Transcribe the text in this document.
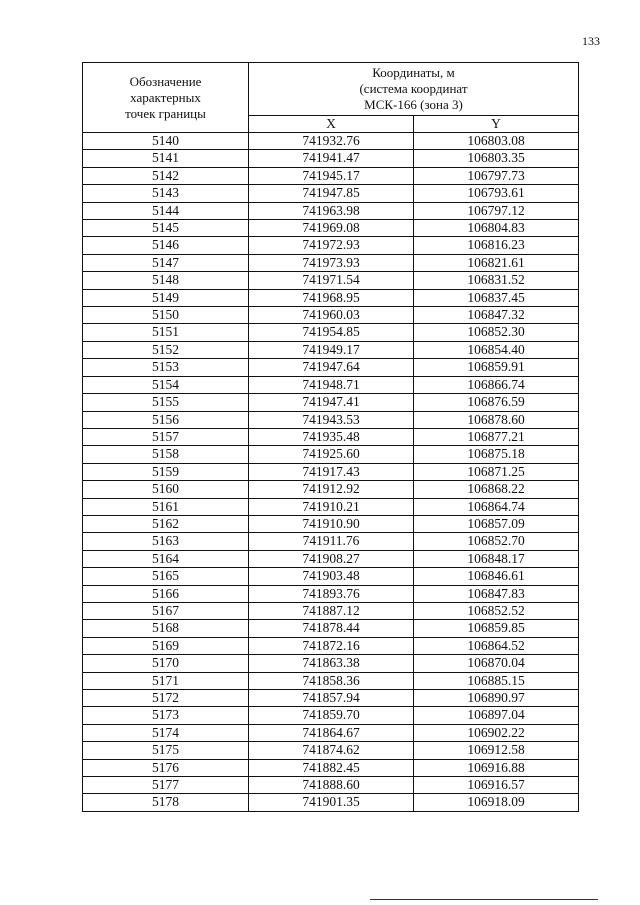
133
Обозначение
характерных
точек границы	Координаты, м
(система координат
МСК-166 (зона 3)	

	X	Y
5140	741932.76	106803.08
5141	741941.47	106803.35
5142	741945.17	106797.73
5143	741947.85	106793.61
5144	741963.98	106797.12
5145	741969.08	106804.83
5146	741972.93	106816.23
5147	741973.93	106821.61
5148	741971.54	106831.52
5149	741968.95	106837.45
5150	741960.03	106847.32
5151	741954.85	106852.30
5152	741949.17	106854.40
5153	741947.64	106859.91
5154	741948.71	106866.74
5155	741947.41	106876.59
5156	741943.53	106878.60
5157	741935.48	106877.21
5158	741925.60	106875.18
5159	741917.43	106871.25
5160	741912.92	106868.22
5161	741910.21	106864.74
5162	741910.90	106857.09
5163	741911.76	106852.70
5164	741908.27	106848.17
5165	741903.48	106846.61
5166	741893.76	106847.83
5167	741887.12	106852.52
5168	741878.44	106859.85
5169	741872.16	106864.52
5170	741863.38	106870.04
5171	741858.36	106885.15
5172	741857.94	106890.97
5173	741859.70	106897.04
5174	741864.67	106902.22
5175	741874.62	106912.58
5176	741882.45	106916.88
5177	741888.60	106916.57
5178	741901.35	106918.09
